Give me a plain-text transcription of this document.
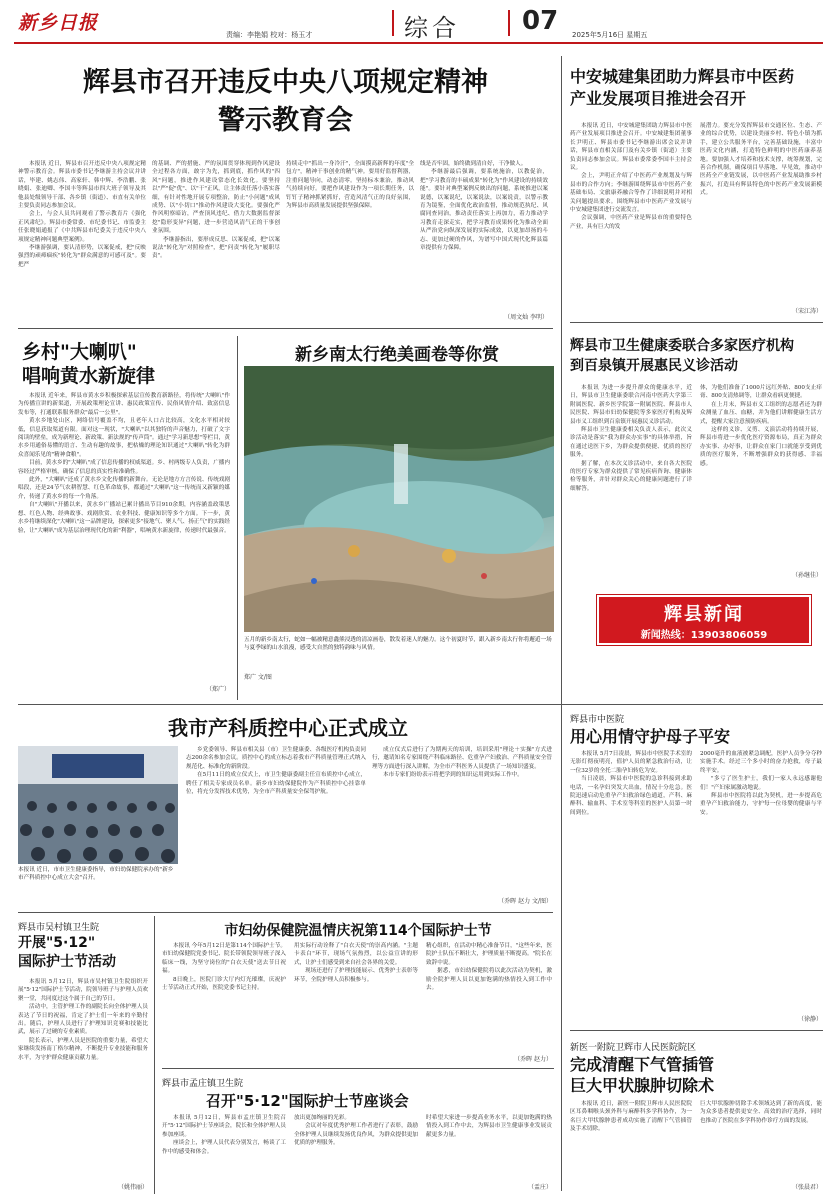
新乡日报
责编：李艳娟 校对：杨玉才	综合 07 2025年5月16日 星期五
辉县市召开违反中央八项规定精神
警示教育会

本报讯 近日，辉县市召开违反中央八项规定精神警示教育会。辉县市委书记李继游主持会议并讲话，毕建、姚志伟、高家轩、韩中辉、李浩鹏、张晓娟、张迪卿、李国丰等辉县市四大班子领导及其他县处级领导干部、各乡镇（街道）、市直有关单位主要负责同志参加会议。

会上，与会人员共同观看了警示教育片《强化正风肃纪》。辉县市委常委、市纪委书记、市监委主任张晓娟通报了《中共辉县市纪委关于违反中央八项规定精神问题典型案例》。

李继游强调，要认清形势，以案促戒，把"反映强烈的顽瘴痼疾"转化为"群众满意的可感可及"。要把严

的基调、严的措施、严的氛围贯穿体现到作风建设全过程各方面，敢字为先，抓到底，抓作风的"四风"问题，推进作风建设常态化长效化。要坚持以"严"促"优"、以"干"正风，让主体责任落小落实落细，有针对性地开展专项整治，防止"小问题"成风成势、以"小切口"推动作风建设大变化。要强化严作风明察暗访，严查顶风违纪、借力大数据监督深挖"隐形变异"问题，进一步营造风清气正的干事创业氛围。

李继游指出，要形成反思、以案促戒，把"以案说法"转化为"对照检查"，把"问责"转化为"履职尽责"。

持续走中"抓出一身冷汗"，全面摸高新辉的年度"全包方"，精神干事创业的精气神。要用好监督利器，注重问题导向，动态清零。坚持标本兼治，推动风气持续向好。要把作风建设作为一项长期任务，以钉钉子精神抓紧抓好，营造风清气正的良好氛围，为辉县市高质量发展提供坚强保障。

线是否牢固，始终做到清自好，干净做人。

李继游最后强调，要系统施治，以教促治，把"学习教育的丰硕成果"转化为"作风建设的持续效能"。要针对典型案例反映出的问题，系统推进以案说德，以案说纪，以案说法，以案说责，以警示教育为镜鉴，全面优化政治监督，推动规范执纪、风腐同查同治，推动责任落实上再加力，着力推动学习教育走深走实，把学习教育成果转化为推动全面从严治党向纵深发展的实际成效，以更加昂扬的斗志、更加过硬的作风，为谱写中国式现代化辉县篇章提供有力保障。

（周文灿 李明）
中安城建集团助力辉县市中医药
产业发展项目推进会召开

本报讯 近日，中安城建集团助力辉县市中医药产业发展项目推进会召开。中安城建集团董事长尹明正、辉县市委书记李继游出席会议并讲话，辉县市直相关部门及有关乡镇（街道）主要负责同志参加会议。辉县市委常委李国丰主持会议。

会上，尹明正介绍了中医药产业规划及与辉县市的合作方向；李继游围绕辉县市中医药产业基础布局、文旅康养融合等作了详细说明并对相关问题提出要求。围绕辉县市中医药产业发展与中安城建集团进行交流发言。

会议强调，中医药产业是辉县市的重要特色产业，具有巨大的发

展潜力。要充分发挥辉县市交通区位、生态、产业的综合优势，以建设美丽乡村、特色小镇为抓手，建立公共服务平台，完善基础设施，丰富中医药文化内涵，打造特色鲜明的中医药康养基地。要加强人才培养和技术支撑，统筹规划，完善合作机制，确保项目早落地、早见效，推动中医药全产业链发展，以中医药产业发展助推乡村振兴，打造具有辉县特色的中医药产业发展新模式。

（宋江涛）
乡村"大喇叭"
唱响黄水新旋律

本报讯 近年来，辉县市黄水乡积极探索基层宣传教育新路径，将传统"大喇叭"作为传播宣讲的新渠道，开展政策理论宣讲、惠民政策宣传、民俗风情介绍、致富信息发布等，打通联系服务群众"最后一公里"。

黄水乡地处山区，网络信号覆盖不均，且老年人口占比较高，文化水平相对较低，信息获取渠道有限。面对这一现状，"大喇叭"以其独特的声音魅力，打破了文字阅读的壁垒，成为新理论、新政策、新法规的"传声筒"。通过"学习新思想"等栏目，黄水乡用通俗易懂的语言、生动有趣的故事，把枯燥的理论知识通过"大喇叭"转化为群众喜闻乐见的"精神食粮"。

目前，黄水乡的"大喇叭"成了信息传播的权威渠道。乡、村两级专人负责，广播内容经过严格审核，确保了信息的真实性和准确性。

此外，"大喇叭"还成了黄水乡文化传播的新舞台。无论是地方方言传说、传统戏剧唱段，还是24节气农耕智慧、红色革命故事，都通过"大喇叭"这一传统而又新颖的媒介，传递了黄水乡的每一个角落。

自"大喇叭"开播以来，黄水乡广播站已累计播出节目910余期，内容涵盖政策思想、红色人物、经典故事、戏剧欣赏、农业科技、健康知识等多个方面。下一步，黄水乡将继续深化"大喇叭"这一品牌建设，探索更多"接地气、聚人气、扬正气"的实践经验，让"大喇叭"成为基层治理现代化的新"利器"，唱响黄水新旋律，传递时代最强音。

（郑广）
新乡南太行绝美画卷等你赏
五月的新乡南太行，蛇如一幅被精意鑫熊浸透的清凉画卷，散发着迷人的魅力。这个初夏时节，跟入新乡南太行你将邂逅一场与夏季绿的山水浪漫，感受大自然的独特韵味与风情。
郑广 文/图
辉县市卫生健康委联合多家医疗机构
到百泉镇开展惠民义诊活动

本报讯 为进一步提升群众的健康水平，近日，辉县市卫生健康委联合河南中医药大学第三附属医院、新乡医学院第一附属医院、辉县市人民医院、辉县市妇幼保健院等多家医疗机构及辉县市义工组织到百泉镇开展惠民义诊活动。

辉县市卫生健康委相关负责人表示，此次义诊活动是落实"我为群众办实事"的具体举措，旨在通过送医下乡，为群众提供便捷、优质的医疗服务。

据了解，在本次义诊活动中，来自各大医院的医疗专家为群众提供了常见疾病咨询、健康体检等服务，并针对群众关心的健康问题进行了详细解答。

体，为他们准备了1000片远红外贴、800支止痒膏、800支清热调等，让群众看病更便捷。

在上月末，辉县市义工组织的志愿者还为群众测量了血压、血糖，并为他们讲解健康生活方式，提醒大家注意预防疾病。

这样的义诊、义剪、义演活动将持续开展，辉县市将进一步优化医疗资源布局，真正为群众办实事、办好事，让群众在家门口就能享受到优质的医疗服务，不断增强群众的获得感、幸福感。

（孙继佳）
辉县新闻
新闻热线：13903806059
我市产科质控中心正式成立
本报讯 近日，市市卫生健康委指导，市妇幼保健院承办的"新乡市产科质控中心成立大会"召开。

乡党委领导、辉县市相关县（市）卫生健康委、各级医疗机构负责同志200余名参加会议。质控中心的成立标志着我市产科质量管理正式纳入规范化、标准化的新阶段。

在5月11日的成立仪式上，市卫生健康委副主任宣布质控中心成立，聘任了相关专家成员名单。新乡市妇幼保健院作为产科质控中心挂靠单位，将充分发挥技术优势，为全市产科质量安全保驾护航。

成立仪式后进行了为期两天的培训，培训采用"理论＋实操"方式进行，邀请知名专家围绕产科临床路径、危重孕产妇救治、产科质量安全管理等方面进行深入讲解，为全市产科医务人员提供了一场知识盛宴。

本市专家们纷纷表示将把学到的知识运用到实际工作中。

（乔晖 赵力 文/图）
辉县市中医院
用心用情守护母子平安

本报讯 5月7日凌晨，辉县市中医院手术室的无影灯彻夜明亮，值护人员的紧急救治行动，让一位32岁的全托二胎孕妇转危为安。

当日凌晨，辉县市中医院的急诊科接到求助电话，一名孕妇突发大出血，情况十分危急。医院迅速启动危重孕产妇救治绿色通道，产科、麻醉科、输血科、手术室等科室的医护人员第一时间到位。

2000毫升的血液被紧急调配，医护人员争分夺秒实施手术。经过三个多小时的奋力抢救，母子最终平安。

"多亏了医生护士，我们一家人永远感谢他们！"产妇家属激动地说。

辉县市中医院将以此为契机，进一步提高危重孕产妇救治能力，守护每一位母婴的健康与平安。

（徐静）
辉县市吴村镇卫生院
开展"5·12"
国际护士节活动

本报讯 5月12日，辉县市吴村镇卫生院组织开展"5·12"国际护士节活动，院领导班子与护理人员欢聚一堂，共同度过这个属于自己的节日。

活动中，主管护理工作的副院长向全体护理人员表达了节日的祝福，肯定了护士们一年来的辛勤付出。随后，护理人员进行了护理知识竞赛和技能比武，展示了过硬的专业素质。

院长表示，护理人员是医院的重要力量，希望大家继续发扬南丁格尔精神，不断提升专业技能和服务水平，为守护群众健康贡献力量。

（姚伟丽）
市妇幼保健院温情庆祝第114个国际护士节

本报讯 今年5月12日是第114个国际护士节。市妇幼保健院党委书记、院长带领院领导班子深入临床一线，为坚守岗位的"白衣天使"送去节日祝福。

8日晚上，医院门诊大厅内灯光璀璨，庆祝护士节活动正式开始，医院党委书记主持。

用实际行动诠释了"白衣天使"的崇高内涵。"主题卡表白"环节，现场气氛热烈，以公益宣讲的形式，让护士们感受到来自社会各界的关爱。

现场还进行了护理技能展示、优秀护士表彰等环节，全院护理人员积极参与。

精心组织，在活动中精心准备节目，"这些年来，医院护士队伍不断壮大，护理质量不断提高。"院长在致辞中说。

据悉，市妇幼保健院将以此次活动为契机，激励全院护理人员以更加饱满的热情投入到工作中去。

（乔晖 赵力）
辉县市孟庄镇卫生院
召开"5·12"国际护士节座谈会

本报讯 5月12日，辉县市孟庄镇卫生院召开"5·12"国际护士节座谈会，院长和全体护理人员参加座谈。

座谈会上，护理人员代表分别发言，畅谈了工作中的感受和体会。

放出更加绚丽的光彩。

会议对年度优秀护理工作者进行了表彰，鼓励全体护理人员继续发扬优良作风，为群众提供更加优质的护理服务。

时希望大家进一步提高业务水平，以更加饱满的热情投入到工作中去，为辉县市卫生健康事业发展贡献更多力量。

（盂庄）
新医一附院卫辉市人民医院院区
完成清醒下气管插管
巨大甲状腺肿切除术

本报讯 近日，新医一附院卫辉市人民医院院区耳鼻咽喉头颈外科与麻醉科多学科协作，为一名巨大甲状腺肿患者成功实施了清醒下气管插管及手术切除。

巨大甲状腺肿切除手术领域达到了新的高度，能为众多患者提供更安全、高效的治疗选择，同时也推动了医院在多学科协作诊疗方面的发展。

（张晨君）
